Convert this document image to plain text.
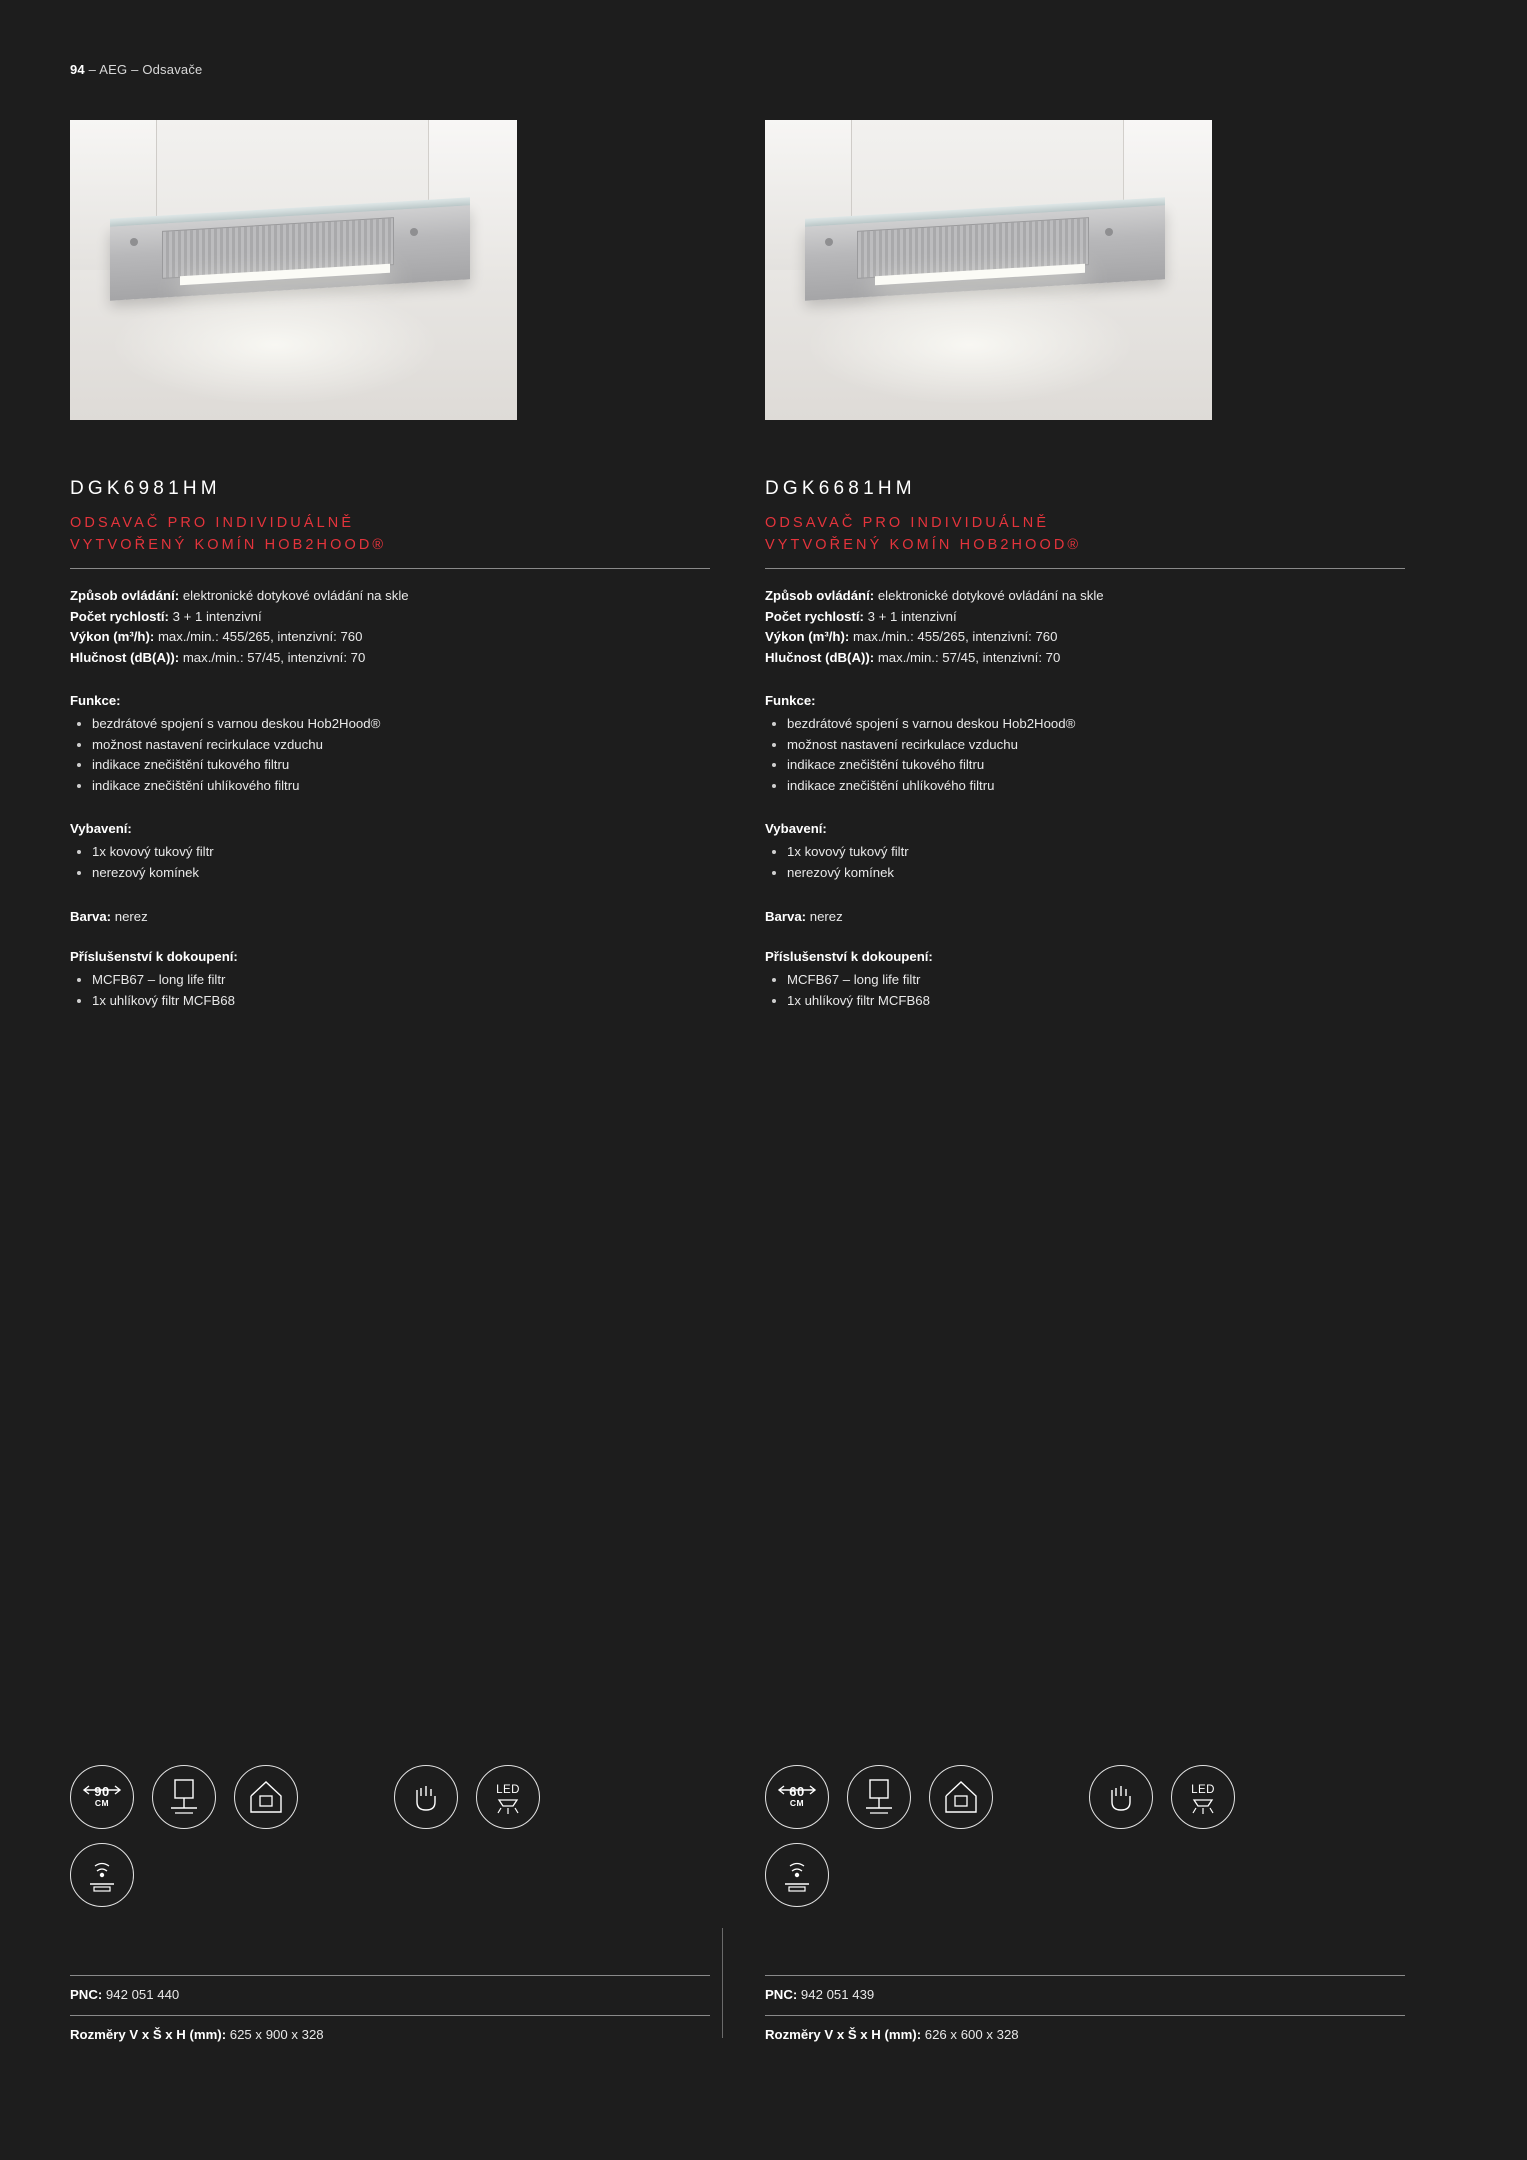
94 – AEG – Odsavače
DGK6981HM
ODSAVAČ PRO INDIVIDUÁLNĚ
VYTVOŘENÝ KOMÍN HOB2HOOD®
Způsob ovládání: elektronické dotykové ovládání na skle
Počet rychlostí: 3 + 1 intenzivní
Výkon (m³/h): max./min.: 455/265, intenzivní: 760
Hlučnost (dB(A)): max./min.: 57/45, intenzivní: 70
Funkce:
bezdrátové spojení s varnou deskou Hob2Hood®
možnost nastavení recirkulace vzduchu
indikace znečištění tukového filtru
indikace znečištění uhlíkového filtru
Vybavení:
1x kovový tukový filtr
nerezový komínek
Barva: nerez
Příslušenství k dokoupení:
MCFB67 – long life filtr
1x uhlíkový filtr MCFB68
DGK6681HM
ODSAVAČ PRO INDIVIDUÁLNĚ
VYTVOŘENÝ KOMÍN HOB2HOOD®
Způsob ovládání: elektronické dotykové ovládání na skle
Počet rychlostí: 3 + 1 intenzivní
Výkon (m³/h): max./min.: 455/265, intenzivní: 760
Hlučnost (dB(A)): max./min.: 57/45, intenzivní: 70
Funkce:
bezdrátové spojení s varnou deskou Hob2Hood®
možnost nastavení recirkulace vzduchu
indikace znečištění tukového filtru
indikace znečištění uhlíkového filtru
Vybavení:
1x kovový tukový filtr
nerezový komínek
Barva: nerez
Příslušenství k dokoupení:
MCFB67 – long life filtr
1x uhlíkový filtr MCFB68
90
CM
LED	60
CM
LED
PNC: 942 051 440
Rozměry V x Š x H (mm): 625 x 900 x 328
PNC: 942 051 439
Rozměry V x Š x H (mm): 626 x 600 x 328
